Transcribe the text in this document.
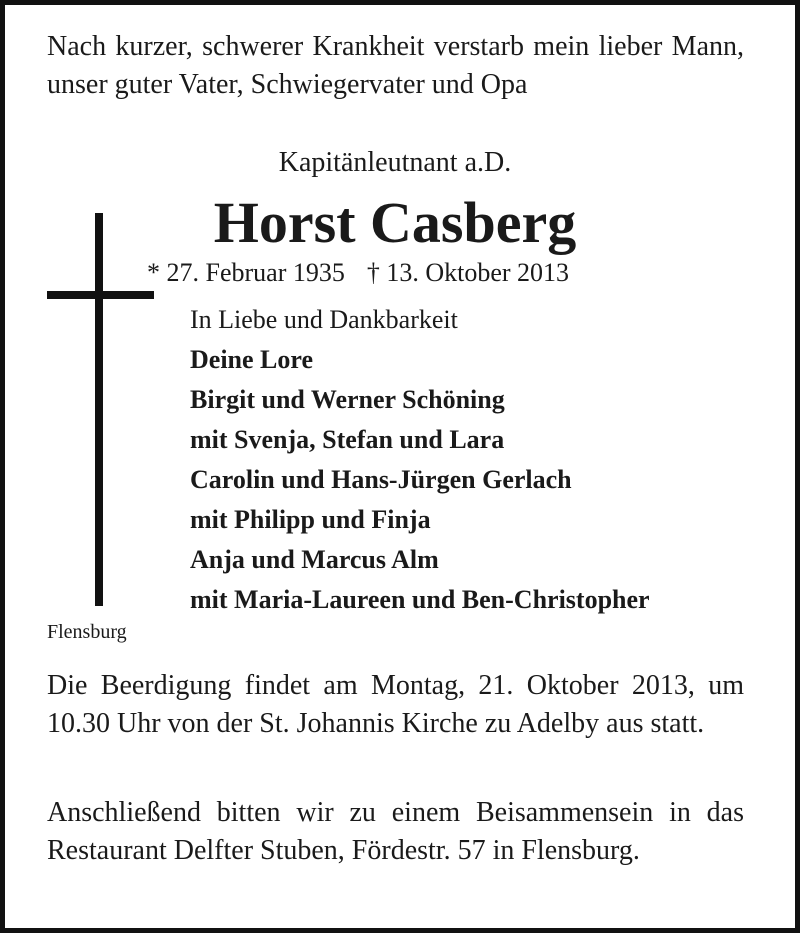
Nach kurzer, schwerer Krankheit verstarb mein lieber Mann, unser guter Vater, Schwiegervater und Opa

Kapitänleutnant a.D.
Horst Casberg
* 27. Februar 1935 † 13. Oktober 2013
In Liebe und Dankbarkeit
Deine Lore
Birgit und Werner Schöning
mit Svenja, Stefan und Lara
Carolin und Hans-Jürgen Gerlach
mit Philipp und Finja
Anja und Marcus Alm
mit Maria-Laureen und Ben-Christopher
Flensburg

Die Beerdigung findet am Montag, 21. Oktober 2013, um 10.30 Uhr von der St. Johannis Kirche zu Adelby aus statt.

Anschließend bitten wir zu einem Beisammensein in das Restaurant Delfter Stuben, Fördestr. 57 in Flensburg.
